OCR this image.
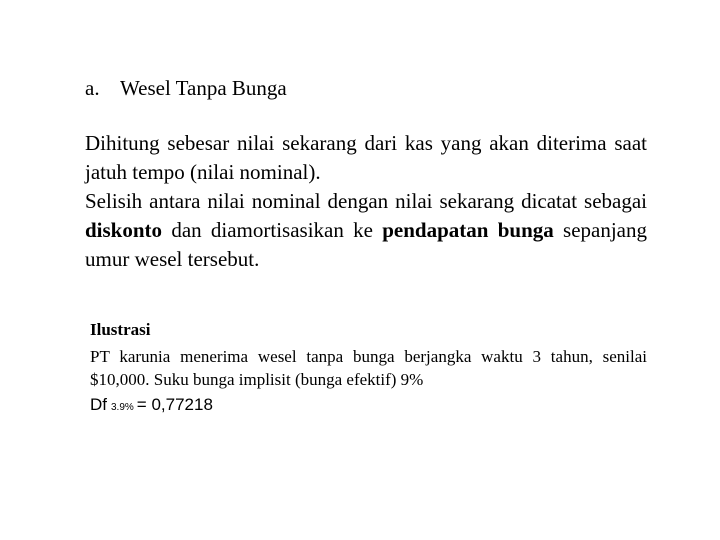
a. Wesel Tanpa Bunga
Dihitung sebesar nilai sekarang dari kas yang akan diterima saat jatuh tempo (nilai nominal).
Selisih antara nilai nominal dengan nilai sekarang dicatat sebagai diskonto dan diamortisasikan ke pendapatan bunga sepanjang umur wesel tersebut.
Ilustrasi
PT karunia menerima wesel tanpa bunga berjangka waktu 3 tahun, senilai $10,000. Suku bunga implisit (bunga efektif) 9%
Df 3.9% = 0,77218
